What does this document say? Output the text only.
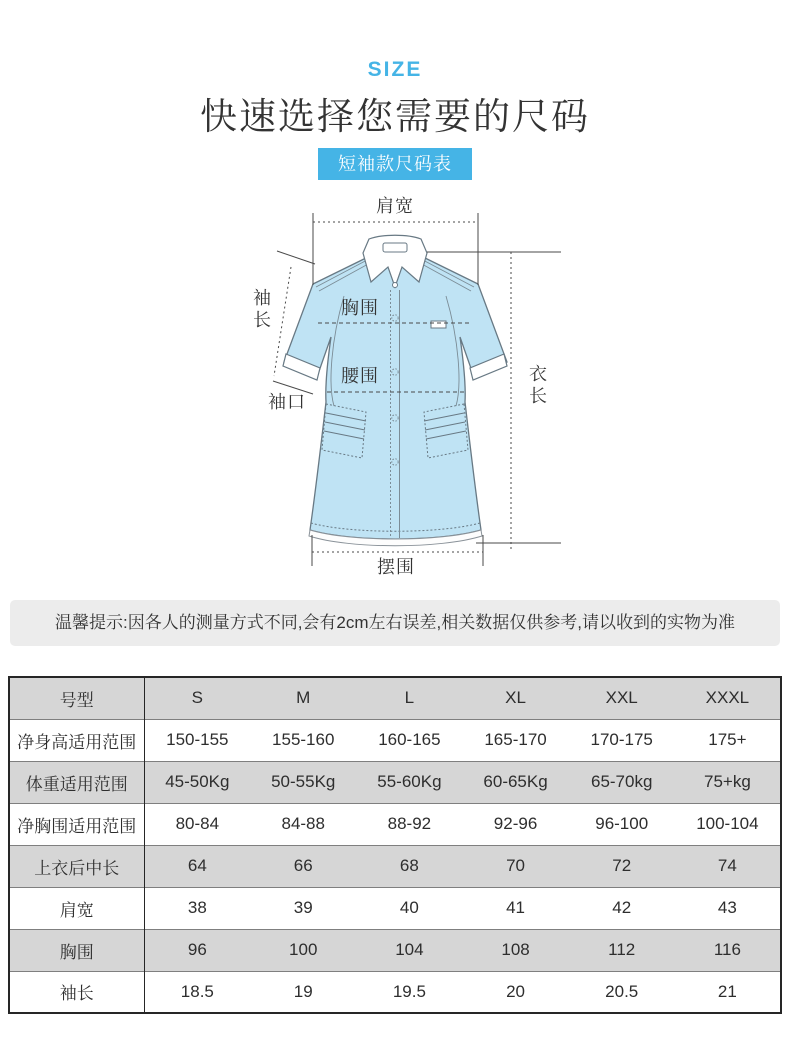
SIZE
快速选择您需要的尺码
短袖款尺码表
肩宽
袖长
袖口
胸围
腰围	衣长
摆围
温馨提示:因各人的测量方式不同,会有2cm左右误差,相关数据仅供参考,请以收到的实物为准
号型	S	M	L	XL	XXL	XXXL
净身高适用范围	150-155	155-160	160-165	165-170	170-175	175+
体重适用范围	45-50Kg	50-55Kg	55-60Kg	60-65Kg	65-70kg	75+kg
净胸围适用范围	80-84	84-88	88-92	92-96	96-100	100-104
上衣后中长	64	66	68	70	72	74
肩宽	38	39	40	41	42	43
胸围	96	100	104	108	112	116
袖长	18.5	19	19.5	20	20.5	21
